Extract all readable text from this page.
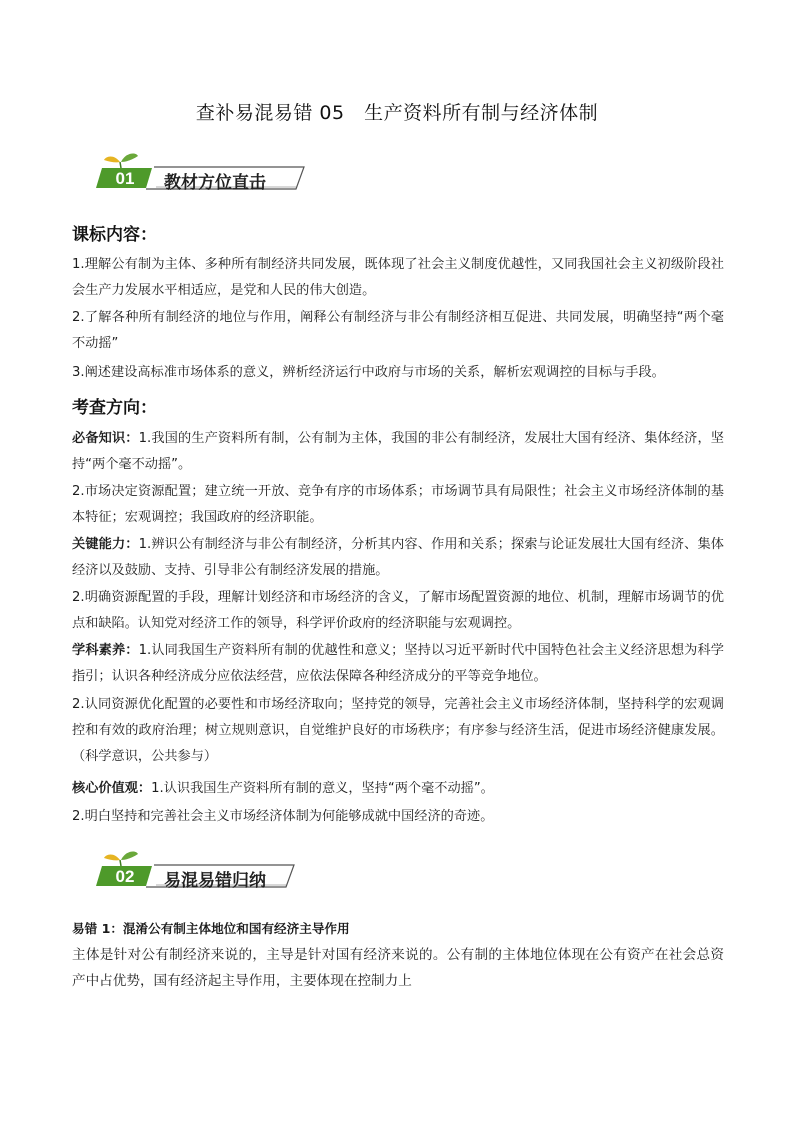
查补易混易错 05　生产资料所有制与经济体制
01	教材方位直击
课标内容：
1.理解公有制为主体、多种所有制经济共同发展，既体现了社会主义制度优越性，又同我国社会主义初级阶段社会生产力发展水平相适应，是党和人民的伟大创造。
2.了解各种所有制经济的地位与作用，阐释公有制经济与非公有制经济相互促进、共同发展，明确坚持“两个毫不动摇”
3.阐述建设高标准市场体系的意义，辨析经济运行中政府与市场的关系，解析宏观调控的目标与手段。
考查方向：
必备知识：1.我国的生产资料所有制，公有制为主体，我国的非公有制经济，发展壮大国有经济、集体经济，坚持“两个毫不动摇”。
2.市场决定资源配置；建立统一开放、竞争有序的市场体系；市场调节具有局限性；社会主义市场经济体制的基本特征；宏观调控；我国政府的经济职能。
关键能力：1.辨识公有制经济与非公有制经济，分析其内容、作用和关系；探索与论证发展壮大国有经济、集体经济以及鼓励、支持、引导非公有制经济发展的措施。
2.明确资源配置的手段，理解计划经济和市场经济的含义，了解市场配置资源的地位、机制，理解市场调节的优点和缺陷。认知党对经济工作的领导，科学评价政府的经济职能与宏观调控。
学科素养：1.认同我国生产资料所有制的优越性和意义；坚持以习近平新时代中国特色社会主义经济思想为科学指引；认识各种经济成分应依法经营，应依法保障各种经济成分的平等竞争地位。
2.认同资源优化配置的必要性和市场经济取向；坚持党的领导，完善社会主义市场经济体制，坚持科学的宏观调控和有效的政府治理；树立规则意识，自觉维护良好的市场秩序；有序参与经济生活，促进市场经济健康发展。（科学意识，公共参与）
核心价值观：1.认识我国生产资料所有制的意义，坚持“两个毫不动摇”。
2.明白坚持和完善社会主义市场经济体制为何能够成就中国经济的奇迹。
02	易混易错归纳
易错 1：混淆公有制主体地位和国有经济主导作用
主体是针对公有制经济来说的，主导是针对国有经济来说的。公有制的主体地位体现在公有资产在社会总资产中占优势，国有经济起主导作用，主要体现在控制力上
